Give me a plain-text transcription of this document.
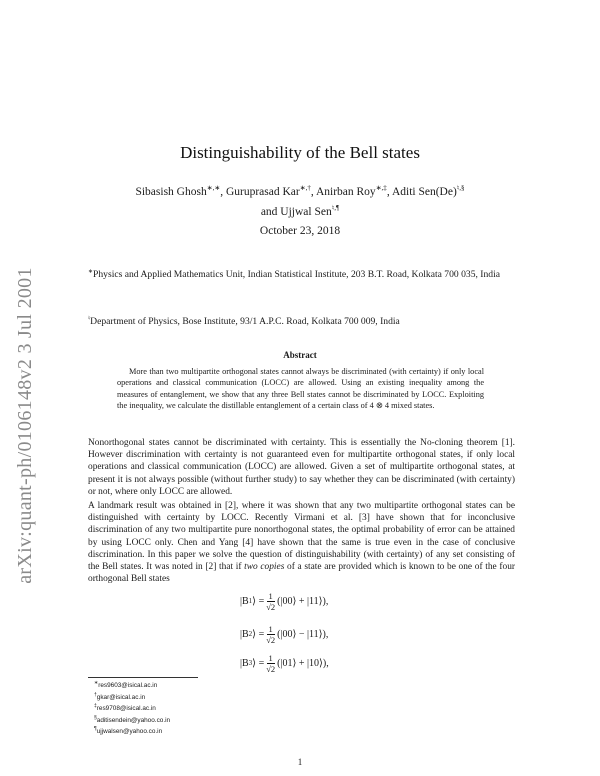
arXiv:quant-ph/0106148v2 3 Jul 2001
Distinguishability of the Bell states
Sibasish Ghosh∗,∗, Guruprasad Kar∗,†, Anirban Roy∗,‡, Aditi Sen(De)♮,§
and Ujjwal Sen♮,¶
October 23, 2018
∗Physics and Applied Mathematics Unit, Indian Statistical Institute, 203 B.T. Road, Kolkata 700 035, India
♮Department of Physics, Bose Institute, 93/1 A.P.C. Road, Kolkata 700 009, India
Abstract
More than two multipartite orthogonal states cannot always be discriminated (with certainty) if only local operations and classical communication (LOCC) are allowed. Using an existing inequality among the measures of entanglement, we show that any three Bell states cannot be discriminated by LOCC. Exploiting the inequality, we calculate the distillable entanglement of a certain class of 4 ⊗ 4 mixed states.
Nonorthogonal states cannot be discriminated with certainty. This is essentially the No-cloning theorem [1]. However discrimination with certainty is not guaranteed even for multipartite orthogonal states, if only local operations and classical communication (LOCC) are allowed. Given a set of multipartite orthogonal states, at present it is not always possible (without further study) to say whether they can be discriminated (with certainty) or not, where only LOCC are allowed.
A landmark result was obtained in [2], where it was shown that any two multipartite orthogonal states can be distinguished with certainty by LOCC. Recently Virmani et al. [3] have shown that for inconclusive discrimination of any two multipartite pure nonorthogonal states, the optimal probability of error can be attained by using LOCC only. Chen and Yang [4] have shown that the same is true even in the case of conclusive discrimination. In this paper we solve the question of distinguishability (with certainty) of any set consisting of the Bell states. It was noted in [2] that if two copies of a state are provided which is known to be one of the four orthogonal Bell states
|B 1 ⟩ = $\frac{1}{√2}$ (|00⟩ + |11⟩),
|B 2 ⟩ = $\frac{1}{√2}$ (|00⟩ − |11⟩),
|B 3 ⟩ = $\frac{1}{√2}$ (|01⟩ + |10⟩),
∗res9603@isical.ac.in
†gkar@isical.ac.in
‡res9708@isical.ac.in
§aditisendein@yahoo.co.in
¶ujjwalsen@yahoo.co.in
1
